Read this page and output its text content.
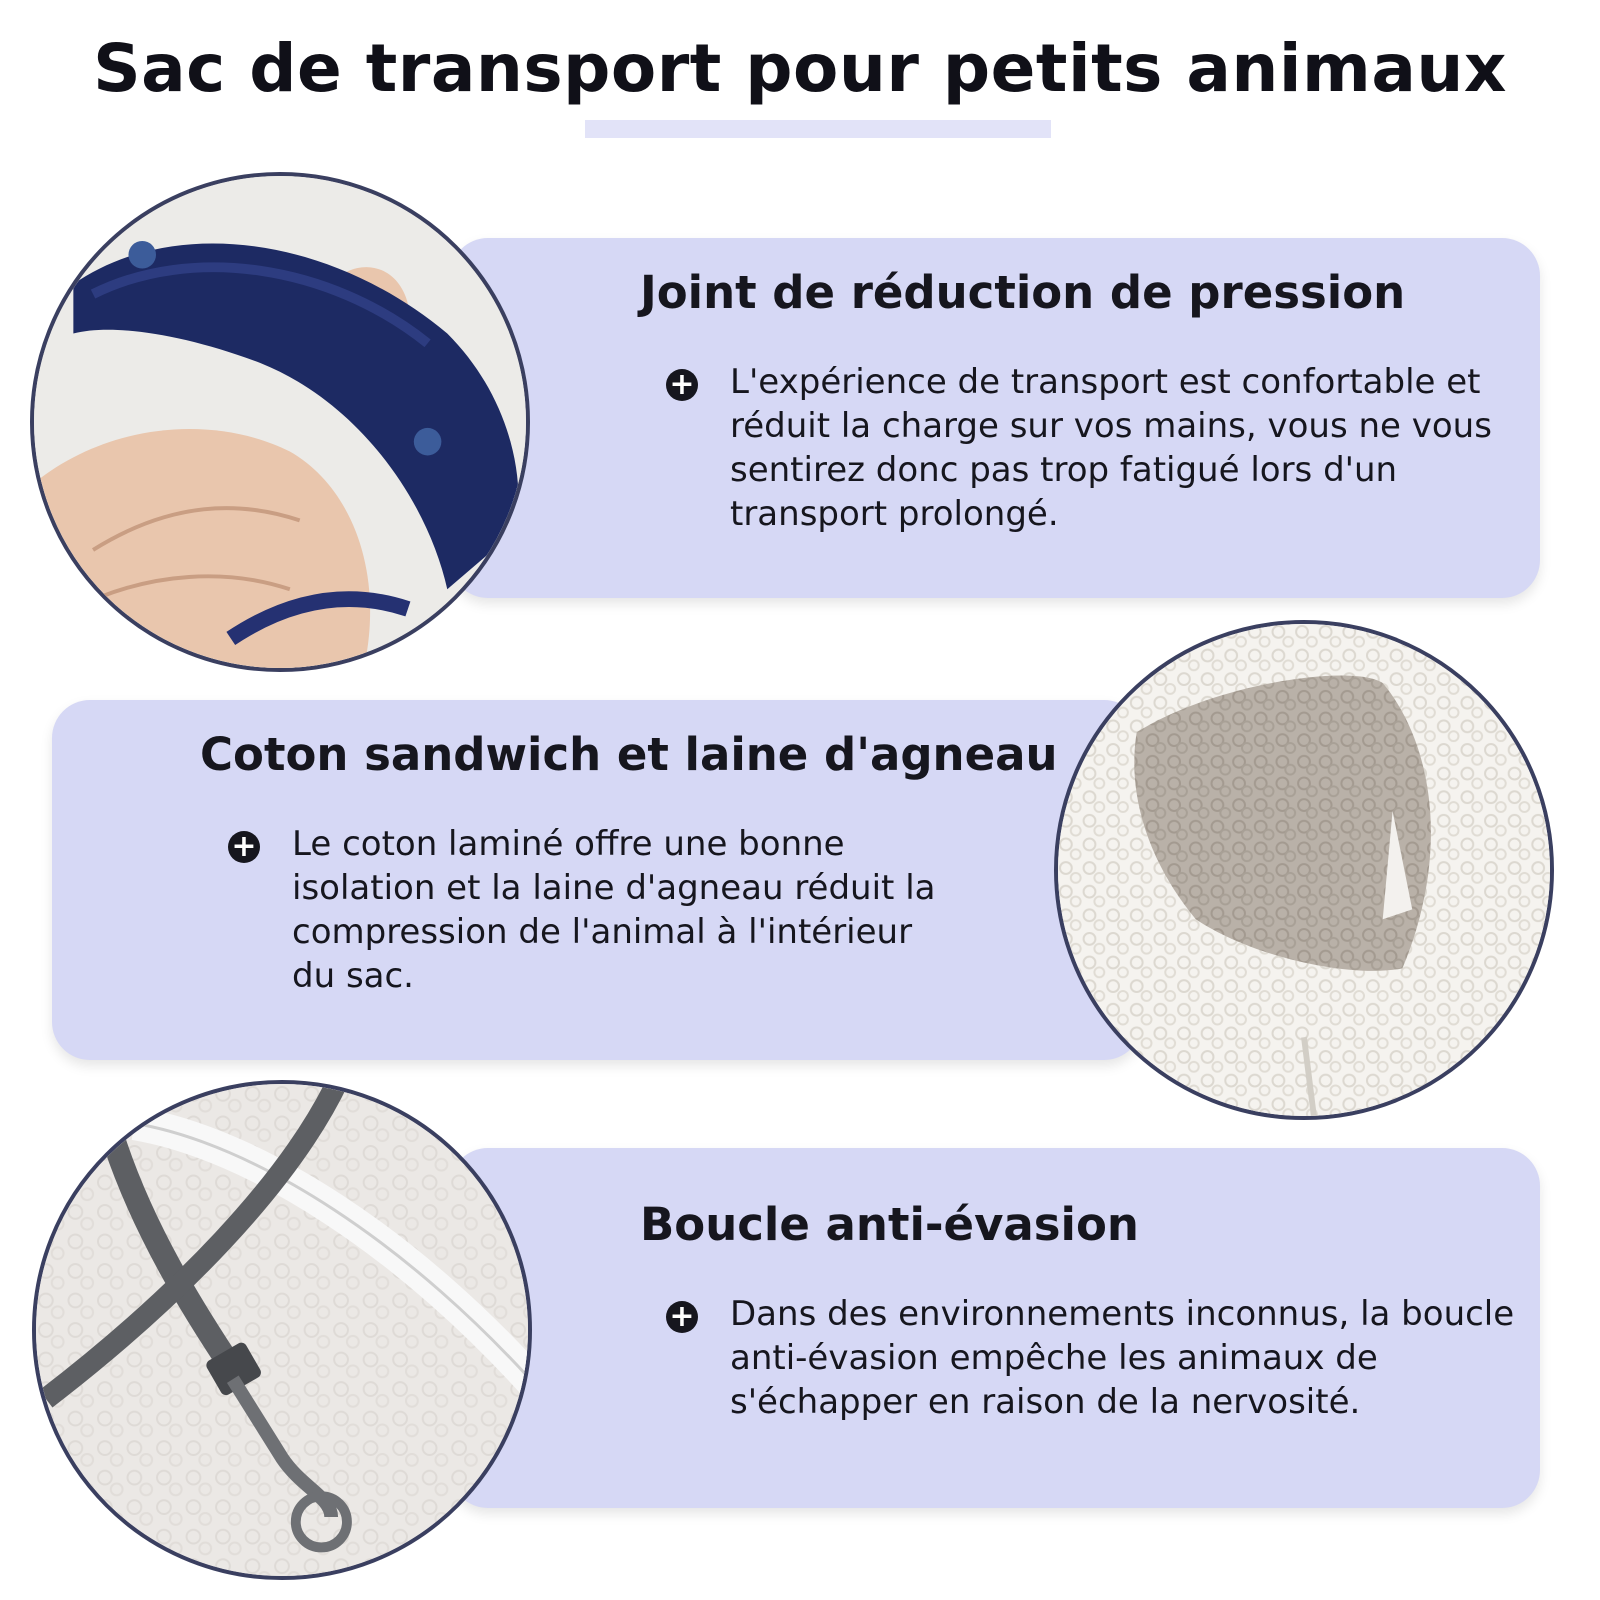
Sac de transport pour petits animaux
Joint de réduction de pression
+ L'expérience de transport est confortable et réduit la charge sur vos mains, vous ne vous sentirez donc pas trop fatigué lors d'un transport prolongé.

Coton sandwich et laine d'agneau
+ Le coton laminé offre une bonne isolation et la laine d'agneau réduit la compression de l'animal à l'intérieur du sac.

Boucle anti-évasion
+ Dans des environnements inconnus, la boucle anti-évasion empêche les animaux de s'échapper en raison de la nervosité.
